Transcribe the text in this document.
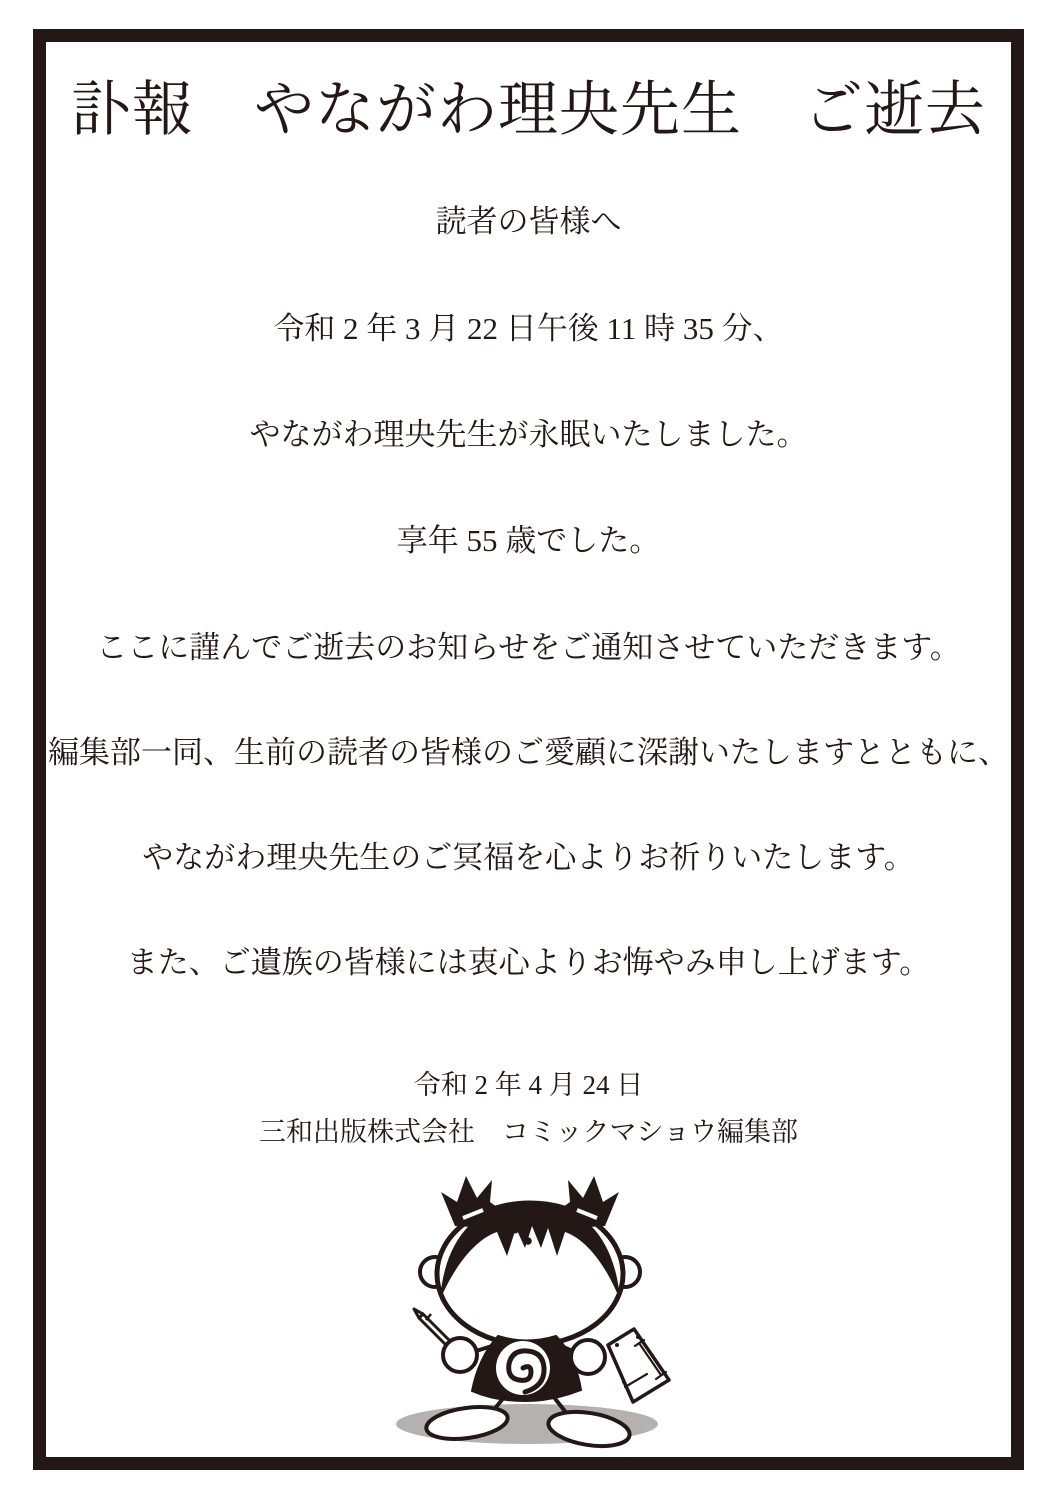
訃報　やながわ理央先生　ご逝去
読者の皆様へ
令和 2 年 3 月 22 日午後 11 時 35 分、
やながわ理央先生が永眠いたしました。
享年 55 歳でした。
ここに謹んでご逝去のお知らせをご通知させていただきます。
編集部一同、生前の読者の皆様のご愛顧に深謝いたしますとともに、
やながわ理央先生のご冥福を心よりお祈りいたします。
また、ご遺族の皆様には衷心よりお悔やみ申し上げます。
令和 2 年 4 月 24 日
三和出版株式会社　コミックマショウ編集部
